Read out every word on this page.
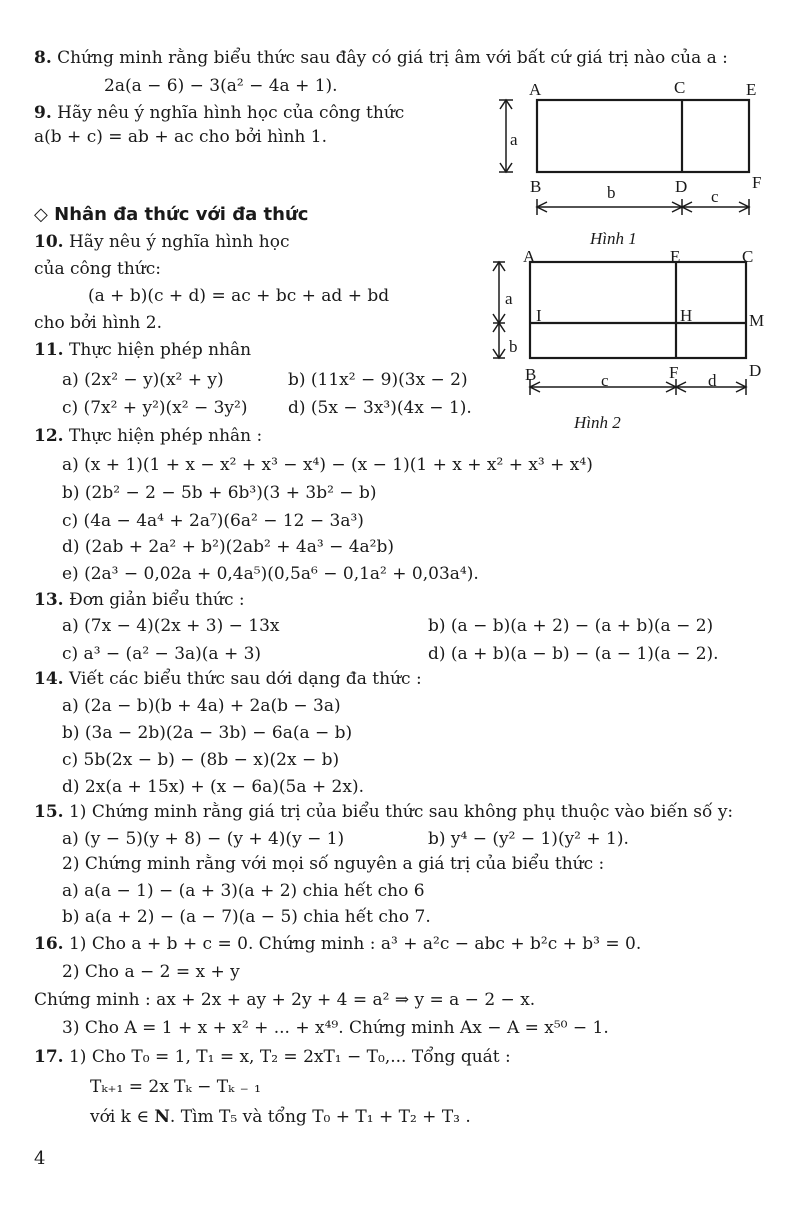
8. Chứng minh rằng biểu thức sau đây có giá trị âm với bất cứ giá trị nào của a :
2a(a − 6) − 3(a² − 4a + 1).
9. Hãy nêu ý nghĩa hình học của công thức
a(b + c) = ab + ac cho bởi hình 1.
A	C	E
B	D	F
a
b	c
Hình 1
◇ Nhân đa thức với đa thức
10. Hãy nêu ý nghĩa hình học
của công thức:
(a + b)(c + d) = ac + bc + ad + bd
cho bởi hình 2.
A	E	C
I	H	M
B	F	D
a
b
c	d
Hình 2
11. Thực hiện phép nhân
a) (2x² − y)(x² + y)	b) (11x² − 9)(3x − 2)
c) (7x² + y²)(x² − 3y²) d) (5x − 3x³)(4x − 1).
12. Thực hiện phép nhân :
a) (x + 1)(1 + x − x² + x³ − x⁴) − (x − 1)(1 + x + x² + x³ + x⁴)
b) (2b² − 2 − 5b + 6b³)(3 + 3b² − b)
c) (4a − 4a⁴ + 2a⁷)(6a² − 12 − 3a³)
d) (2ab + 2a² + b²)(2ab² + 4a³ − 4a²b)
e) (2a³ − 0,02a + 0,4a⁵)(0,5a⁶ − 0,1a² + 0,03a⁴).
13. Đơn giản biểu thức :
a) (7x − 4)(2x + 3) − 13x	b) (a − b)(a + 2) − (a + b)(a − 2)
c) a³ − (a² − 3a)(a + 3)	d) (a + b)(a − b) − (a − 1)(a − 2).
14. Viết các biểu thức sau dới dạng đa thức :
a) (2a − b)(b + 4a) + 2a(b − 3a)
b) (3a − 2b)(2a − 3b) − 6a(a − b)
c) 5b(2x − b) − (8b − x)(2x − b)
d) 2x(a + 15x) + (x − 6a)(5a + 2x).
15. 1) Chứng minh rằng giá trị của biểu thức sau không phụ thuộc vào biến số y:
a) (y − 5)(y + 8) − (y + 4)(y − 1)	b) y⁴ − (y² − 1)(y² + 1).
2) Chứng minh rằng với mọi số nguyên a giá trị của biểu thức :
a) a(a − 1) − (a + 3)(a + 2) chia hết cho 6
b) a(a + 2) − (a − 7)(a − 5) chia hết cho 7.
16. 1) Cho a + b + c = 0. Chứng minh : a³ + a²c − abc + b²c + b³ = 0.
2) Cho a − 2 = x + y
Chứng minh : ax + 2x + ay + 2y + 4 = a² ⇒ y = a − 2 − x.
3) Cho A = 1 + x + x² + ... + x⁴⁹. Chứng minh Ax − A = x⁵⁰ − 1.
17. 1) Cho T₀ = 1, T₁ = x, T₂ = 2xT₁ − T₀,... Tổng quát :
Tₖ₊₁ = 2x Tₖ − Tₖ ₋ ₁
với k ∈ N. Tìm T₅ và tổng T₀ + T₁ + T₂ + T₃ .
4
